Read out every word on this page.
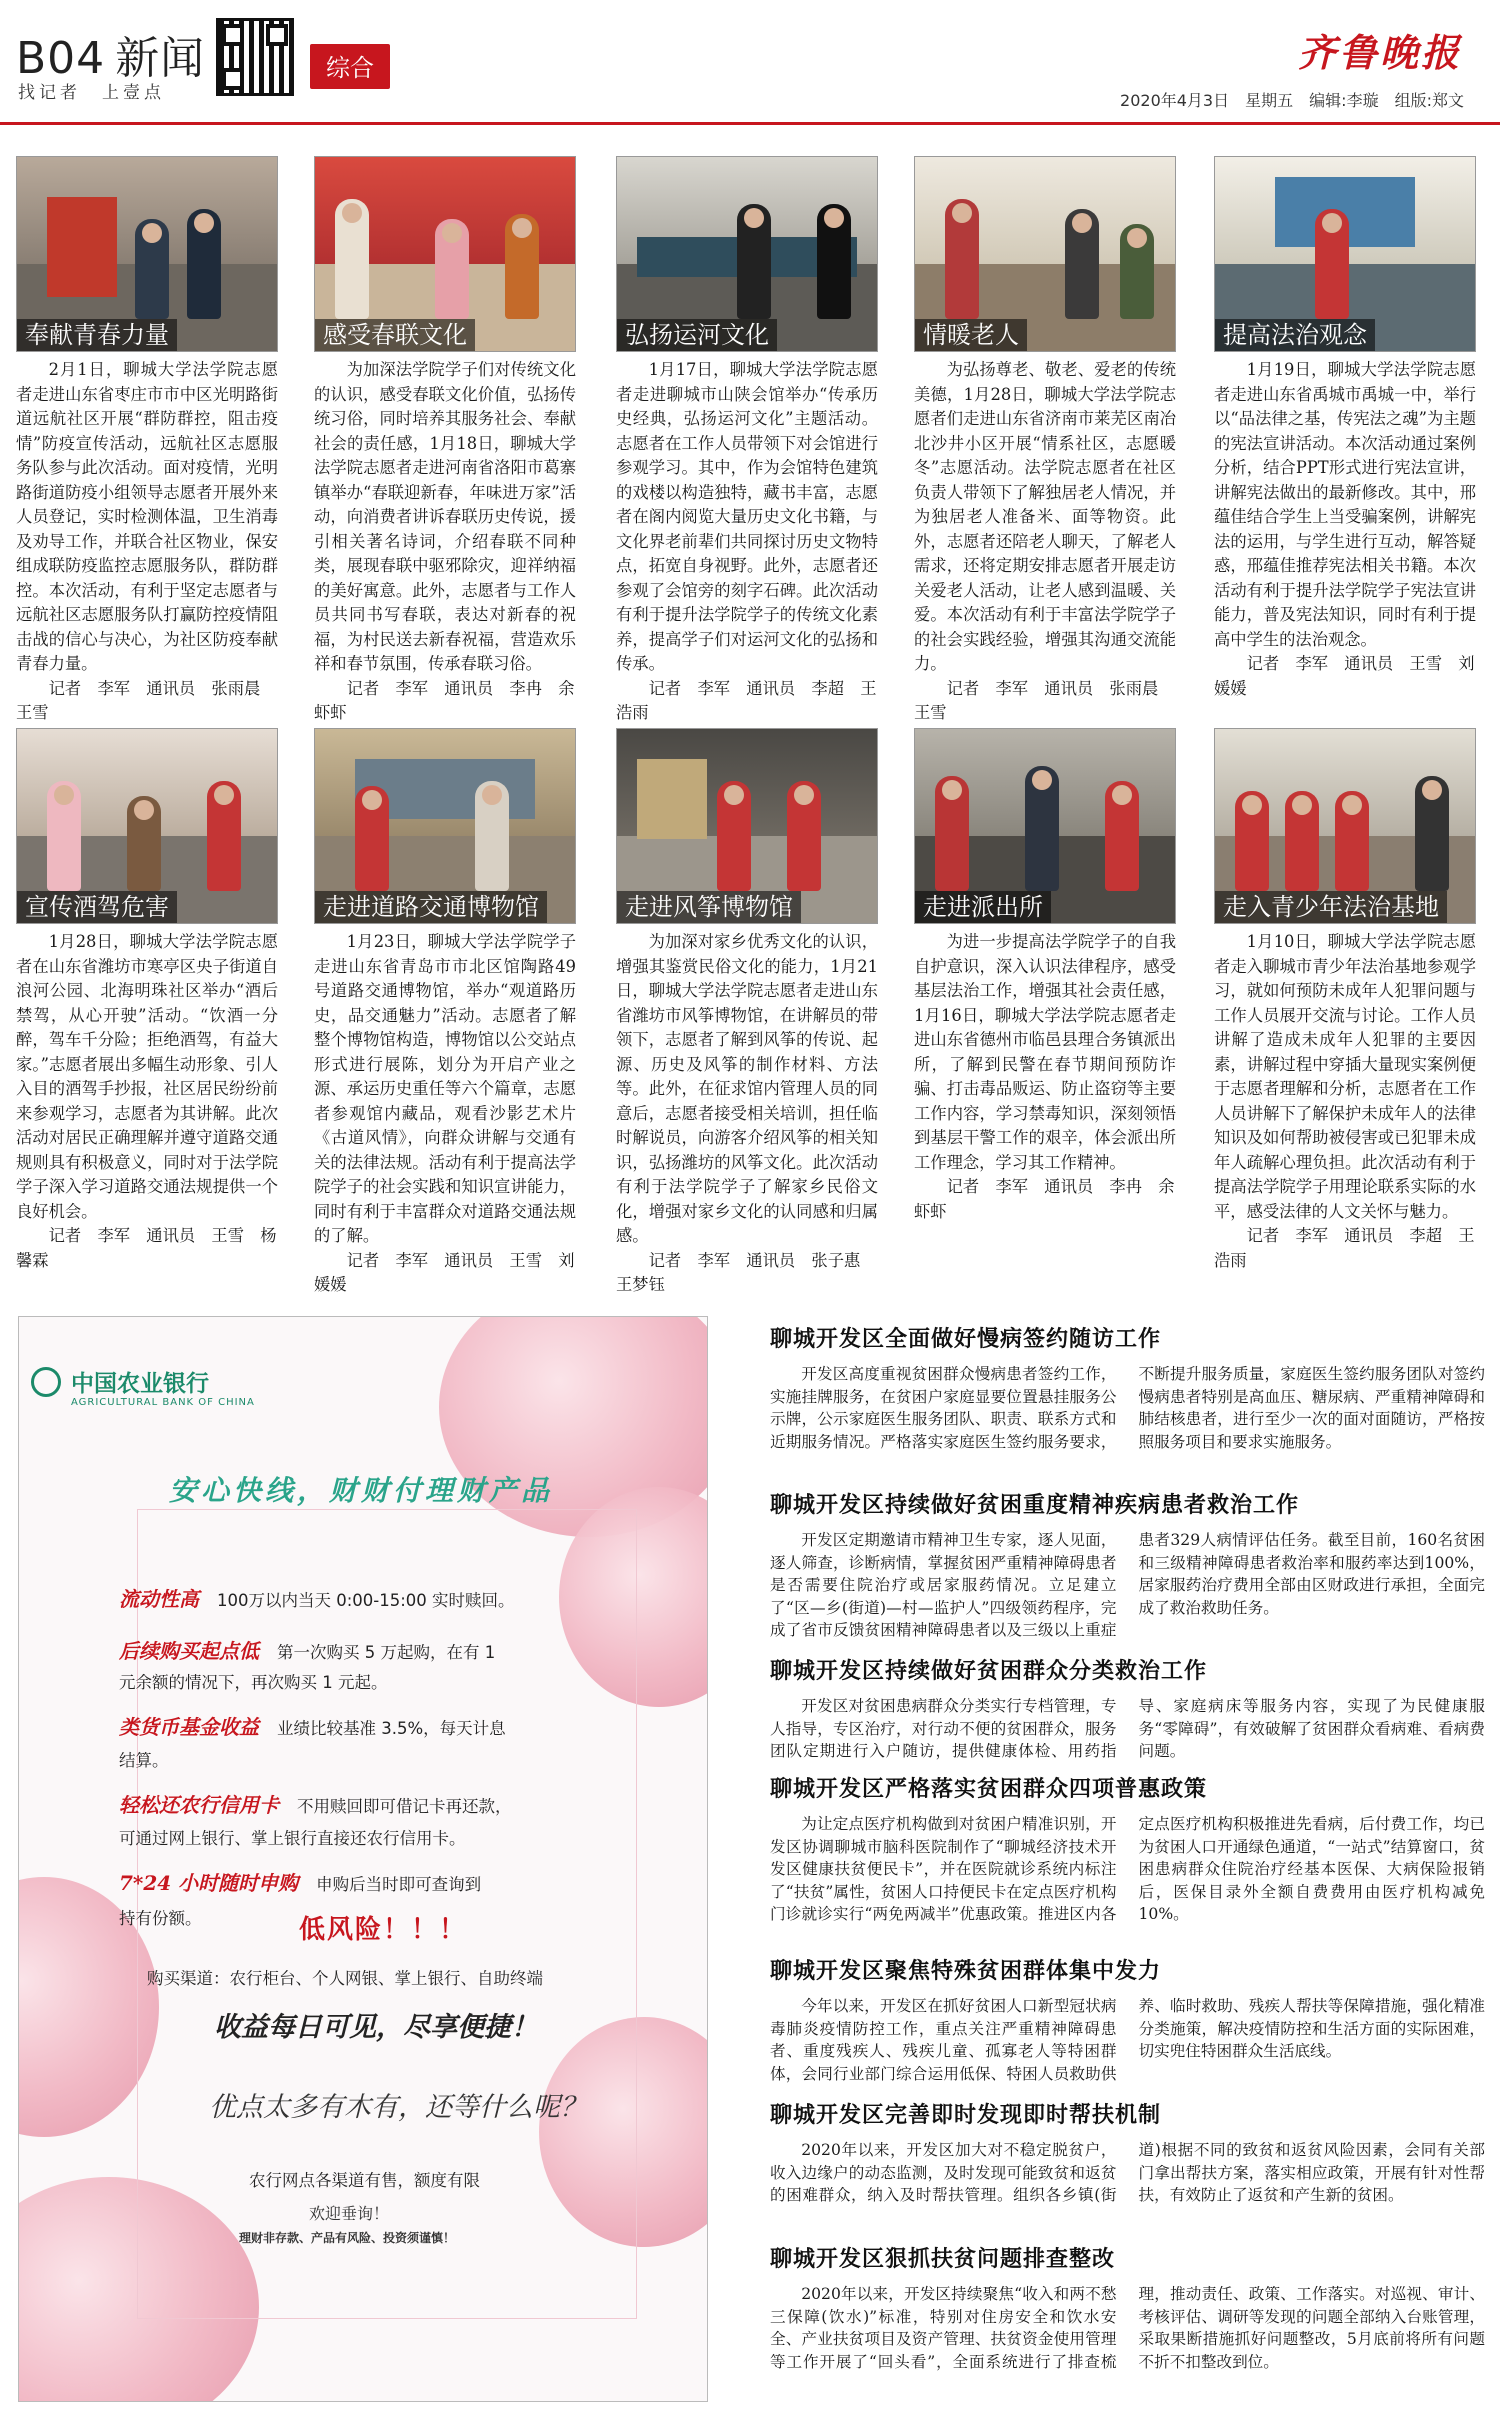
B04 新闻
找记者　上壹点
综合	齐鲁晚报
2020年4月3日　 星期五　 编辑:李璇　 组版:郑文
奉献青春力量
2月1日，聊城大学法学院志愿者走进山东省枣庄市市中区光明路街道远航社区开展“群防群控，阻击疫情”防疫宣传活动，远航社区志愿服务队参与此次活动。面对疫情，光明路街道防疫小组领导志愿者开展外来人员登记，实时检测体温，卫生消毒及劝导工作，并联合社区物业，保安组成联防疫监控志愿服务队，群防群控。本次活动，有利于坚定志愿者与远航社区志愿服务队打赢防控疫情阻击战的信心与决心，为社区防疫奉献青春力量。
记者　李军　通讯员　张雨晨　王雪
感受春联文化
为加深法学院学子们对传统文化的认识，感受春联文化价值，弘扬传统习俗，同时培养其服务社会、奉献社会的责任感，1月18日，聊城大学法学院志愿者走进河南省洛阳市葛寨镇举办“春联迎新春，年味进万家”活动，向消费者讲诉春联历史传说，援引相关著名诗词，介绍春联不同种类，展现春联中驱邪除灾，迎祥纳福的美好寓意。此外，志愿者与工作人员共同书写春联，表达对新春的祝福，为村民送去新春祝福，营造欢乐祥和春节氛围，传承春联习俗。
记者　李军　通讯员　李冉　余虾虾
弘扬运河文化
1月17日，聊城大学法学院志愿者走进聊城市山陕会馆举办“传承历史经典，弘扬运河文化”主题活动。志愿者在工作人员带领下对会馆进行参观学习。其中，作为会馆特色建筑的戏楼以构造独特，藏书丰富，志愿者在阁内阅览大量历史文化书籍，与文化界老前辈们共同探讨历史文物特点，拓宽自身视野。此外，志愿者还参观了会馆旁的刻字石碑。此次活动有利于提升法学院学子的传统文化素养，提高学子们对运河文化的弘扬和传承。
记者　李军　通讯员　李超　王浩雨
情暖老人
为弘扬尊老、敬老、爱老的传统美德，1月28日，聊城大学法学院志愿者们走进山东省济南市莱芜区南冶北沙井小区开展“情系社区，志愿暖冬”志愿活动。法学院志愿者在社区负责人带领下了解独居老人情况，并为独居老人准备米、面等物资。此外，志愿者还陪老人聊天，了解老人需求，还将定期安排志愿者开展走访关爱老人活动，让老人感到温暖、关爱。本次活动有利于丰富法学院学子的社会实践经验，增强其沟通交流能力。
记者　李军　通讯员　张雨晨　王雪
提高法治观念
1月19日，聊城大学法学院志愿者走进山东省禹城市禹城一中，举行以“品法律之基，传宪法之魂”为主题的宪法宣讲活动。本次活动通过案例分析，结合PPT形式进行宪法宣讲，讲解宪法做出的最新修改。其中，邢蕴佳结合学生上当受骗案例，讲解宪法的运用，与学生进行互动，解答疑惑，邢蕴佳推荐宪法相关书籍。本次活动有利于提升法学院学子宪法宣讲能力，普及宪法知识，同时有利于提高中学生的法治观念。
记者　李军　通讯员　王雪　刘媛媛
宣传酒驾危害
1月28日，聊城大学法学院志愿者在山东省潍坊市寒亭区央子街道自浪河公园、北海明珠社区举办“酒后禁驾，从心开驶”活动。“饮酒一分醉，驾车千分险；拒绝酒驾，有益大家。”志愿者展出多幅生动形象、引人入目的酒驾手抄报，社区居民纷纷前来参观学习，志愿者为其讲解。此次活动对居民正确理解并遵守道路交通规则具有积极意义，同时对于法学院学子深入学习道路交通法规提供一个良好机会。
记者　李军　通讯员　王雪　杨馨霖
走进道路交通博物馆
1月23日，聊城大学法学院学子走进山东省青岛市市北区馆陶路49号道路交通博物馆，举办“观道路历史，品交通魅力”活动。志愿者了解整个博物馆构造，博物馆以公交站点形式进行展陈，划分为开启产业之源、承运历史重任等六个篇章，志愿者参观馆内藏品，观看沙影艺术片《古道风情》，向群众讲解与交通有关的法律法规。活动有利于提高法学院学子的社会实践和知识宣讲能力，同时有利于丰富群众对道路交通法规的了解。
记者　李军　通讯员　王雪　刘媛媛
走进风筝博物馆
为加深对家乡优秀文化的认识，增强其鉴赏民俗文化的能力，1月21日，聊城大学法学院志愿者走进山东省潍坊市风筝博物馆，在讲解员的带领下，志愿者了解到风筝的传说、起源、历史及风筝的制作材料、方法等。此外，在征求馆内管理人员的同意后，志愿者接受相关培训，担任临时解说员，向游客介绍风筝的相关知识，弘扬潍坊的风筝文化。此次活动有利于法学院学子了解家乡民俗文化，增强对家乡文化的认同感和归属感。
记者　李军　通讯员　张子惠　王梦钰
走进派出所
为进一步提高法学院学子的自我自护意识，深入认识法律程序，感受基层法治工作，增强其社会责任感，1月16日，聊城大学法学院志愿者走进山东省德州市临邑县理合务镇派出所，了解到民警在春节期间预防诈骗、打击毒品贩运、防止盗窃等主要工作内容，学习禁毒知识，深刻领悟到基层干警工作的艰辛，体会派出所工作理念，学习其工作精神。
记者　李军　通讯员　李冉　余虾虾
走入青少年法治基地
1月10日，聊城大学法学院志愿者走入聊城市青少年法治基地参观学习，就如何预防未成年人犯罪问题与工作人员展开交流与讨论。工作人员讲解了造成未成年人犯罪的主要因素，讲解过程中穿插大量现实案例便于志愿者理解和分析，志愿者在工作人员讲解下了解保护未成年人的法律知识及如何帮助被侵害或已犯罪未成年人疏解心理负担。此次活动有利于提高法学院学子用理论联系实际的水平，感受法律的人文关怀与魅力。
记者　李军　通讯员　李超　王浩雨
中国农业银行
AGRICULTURAL BANK OF CHINA
安心快线，财财付理财产品
流动性高 100万以内当天 0:00-15:00 实时赎回。
后续购买起点低 第一次购买 5 万起购，在有 1
元余额的情况下，再次购买 1 元起。
类货币基金收益 业绩比较基准 3.5%，每天计息
结算。
轻松还农行信用卡 不用赎回即可借记卡再还款，
可通过网上银行、掌上银行直接还农行信用卡。
7*24 小时随时申购 申购后当时即可查询到
持有份额。	低风险！！！
购买渠道：农行柜台、个人网银、掌上银行、自助终端
收益每日可见，尽享便捷！
优点太多有木有，还等什么呢？
农行网点各渠道有售，额度有限
欢迎垂询！
理财非存款、产品有风险、投资须谨慎！
聊城开发区全面做好慢病签约随访工作

开发区高度重视贫困群众慢病患者签约工作，实施挂牌服务，在贫困户家庭显要位置悬挂服务公示牌，公示家庭医生服务团队、职责、联系方式和近期服务情况。严格落实家庭医生签约服务要求，不断提升服务质量，家庭医生签约服务团队对签约慢病患者特别是高血压、糖尿病、严重精神障碍和肺结核患者，进行至少一次的面对面随访，严格按照服务项目和要求实施服务。

聊城开发区持续做好贫困重度精神疾病患者救治工作

开发区定期邀请市精神卫生专家，逐人见面，逐人筛查，诊断病情，掌握贫困严重精神障碍患者是否需要住院治疗或居家服药情况。立足建立了“区—乡(街道)—村—监护人”四级领药程序，完成了省市反馈贫困精神障碍患者以及三级以上重症患者329人病情评估任务。截至目前，160名贫困和三级精神障碍患者救治率和服药率达到100%，居家服药治疗费用全部由区财政进行承担，全面完成了救治救助任务。

聊城开发区持续做好贫困群众分类救治工作

开发区对贫困患病群众分类实行专档管理，专人指导，专区治疗，对行动不便的贫困群众，服务团队定期进行入户随访，提供健康体检、用药指导、家庭病床等服务内容，实现了为民健康服务“零障碍”，有效破解了贫困群众看病难、看病费问题。

聊城开发区严格落实贫困群众四项普惠政策

为让定点医疗机构做到对贫困户精准识别，开发区协调聊城市脑科医院制作了“聊城经济技术开发区健康扶贫便民卡”，并在医院就诊系统内标注了“扶贫”属性，贫困人口持便民卡在定点医疗机构门诊就诊实行“两免两减半”优惠政策。推进区内各定点医疗机构积极推进先看病，后付费工作，均已为贫困人口开通绿色通道，“一站式”结算窗口，贫困患病群众住院治疗经基本医保、大病保险报销后，医保目录外全额自费费用由医疗机构减免10%。

聊城开发区聚焦特殊贫困群体集中发力

今年以来，开发区在抓好贫困人口新型冠状病毒肺炎疫情防控工作，重点关注严重精神障碍患者、重度残疾人、残疾儿童、孤寡老人等特困群体，会同行业部门综合运用低保、特困人员救助供养、临时救助、残疾人帮扶等保障措施，强化精准分类施策，解决疫情防控和生活方面的实际困难，切实兜住特困群众生活底线。

聊城开发区完善即时发现即时帮扶机制

2020年以来，开发区加大对不稳定脱贫户，收入边缘户的动态监测，及时发现可能致贫和返贫的困难群众，纳入及时帮扶管理。组织各乡镇(街道)根据不同的致贫和返贫风险因素，会同有关部门拿出帮扶方案，落实相应政策，开展有针对性帮扶，有效防止了返贫和产生新的贫困。

聊城开发区狠抓扶贫问题排查整改

2020年以来，开发区持续聚焦“收入和两不愁三保障(饮水)”标准，特别对住房安全和饮水安全、产业扶贫项目及资产管理、扶贫资金使用管理等工作开展了“回头看”，全面系统进行了排查梳理，推动责任、政策、工作落实。对巡视、审计、考核评估、调研等发现的问题全部纳入台账管理，采取果断措施抓好问题整改，5月底前将所有问题不折不扣整改到位。
